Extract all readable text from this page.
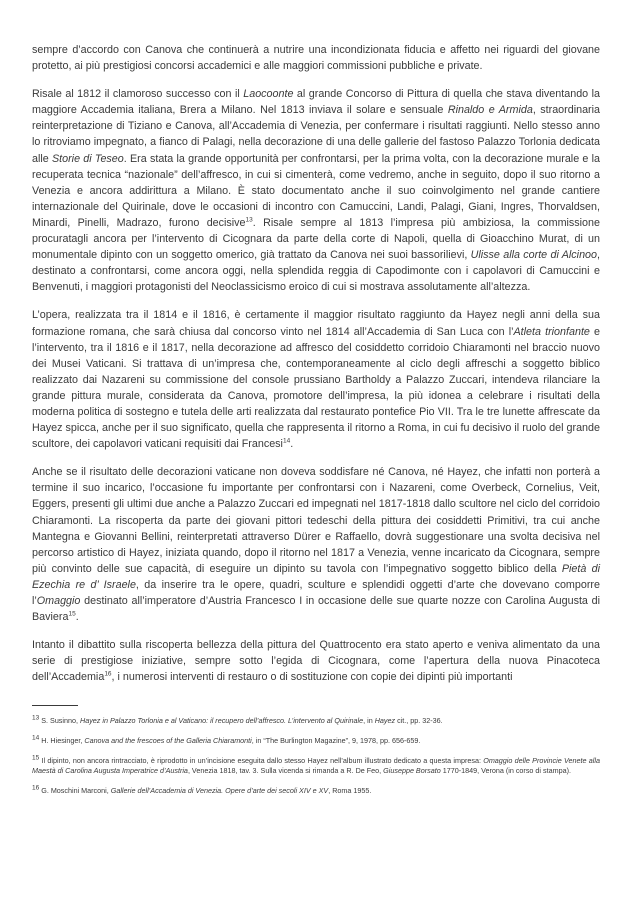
sempre d’accordo con Canova che continuerà a nutrire una incondizionata fiducia e affetto nei riguardi del giovane protetto, ai più prestigiosi concorsi accademici e alle maggiori commissioni pubbliche e private.

Risale al 1812 il clamoroso successo con il Laocoonte al grande Concorso di Pittura di quella che stava diventando la maggiore Accademia italiana, Brera a Milano. Nel 1813 inviava il solare e sensuale Rinaldo e Armida, straordinaria reinterpretazione di Tiziano e Canova, all’Accademia di Venezia, per confermare i risultati raggiunti. Nello stesso anno lo ritroviamo impegnato, a fianco di Palagi, nella decorazione di una delle gallerie del fastoso Palazzo Torlonia dedicata alle Storie di Teseo. Era stata la grande opportunità per confrontarsi, per la prima volta, con la decorazione murale e la recuperata tecnica “nazionale” dell’affresco, in cui si cimenterà, come vedremo, anche in seguito, dopo il suo ritorno a Venezia e ancora addirittura a Milano. È stato documentato anche il suo coinvolgimento nel grande cantiere internazionale del Quirinale, dove le occasioni di incontro con Camuccini, Landi, Palagi, Giani, Ingres, Thorvaldsen, Minardi, Pinelli, Madrazo, furono decisive$^{13}$. Risale sempre al 1813 l’impresa più ambiziosa, la commissione procuratagli ancora per l’intervento di Cicognara da parte della corte di Napoli, quella di Gioacchino Murat, di un monumentale dipinto con un soggetto omerico, già trattato da Canova nei suoi bassorilievi, Ulisse alla corte di Alcinoo, destinato a confrontarsi, come ancora oggi, nella splendida reggia di Capodimonte con i capolavori di Camuccini e Benvenuti, i maggiori protagonisti del Neoclassicismo eroico di cui si mostrava assolutamente all’altezza.

L’opera, realizzata tra il 1814 e il 1816, è certamente il maggior risultato raggiunto da Hayez negli anni della sua formazione romana, che sarà chiusa dal concorso vinto nel 1814 all’Accademia di San Luca con l’Atleta trionfante e l’intervento, tra il 1816 e il 1817, nella decorazione ad affresco del cosiddetto corridoio Chiaramonti nel braccio nuovo dei Musei Vaticani. Si trattava di un’impresa che, contemporaneamente al ciclo degli affreschi a soggetto biblico realizzato dai Nazareni su commissione del console prussiano Bartholdy a Palazzo Zuccari, intendeva rilanciare la grande pittura murale, considerata da Canova, promotore dell’impresa, la più idonea a celebrare i risultati della moderna politica di sostegno e tutela delle arti realizzata dal restaurato pontefice Pio VII. Tra le tre lunette affrescate da Hayez spicca, anche per il suo significato, quella che rappresenta il ritorno a Roma, in cui fu decisivo il ruolo del grande scultore, dei capolavori vaticani requisiti dai Francesi$^{14}$.

Anche se il risultato delle decorazioni vaticane non doveva soddisfare né Canova, né Hayez, che infatti non porterà a termine il suo incarico, l’occasione fu importante per confrontarsi con i Nazareni, come Overbeck, Cornelius, Veit, Eggers, presenti gli ultimi due anche a Palazzo Zuccari ed impegnati nel 1817-1818 dallo scultore nel ciclo del corridoio Chiaramonti. La riscoperta da parte dei giovani pittori tedeschi della pittura dei cosiddetti Primitivi, tra cui anche Mantegna e Giovanni Bellini, reinterpretati attraverso Dürer e Raffaello, dovrà suggestionare una svolta decisiva nel percorso artistico di Hayez, iniziata quando, dopo il ritorno nel 1817 a Venezia, venne incaricato da Cicognara, sempre più convinto delle sue capacità, di eseguire un dipinto su tavola con l’impegnativo soggetto biblico della Pietà di Ezechia re d’ Israele, da inserire tra le opere, quadri, sculture e splendidi oggetti d’arte che dovevano comporre l’Omaggio destinato all’imperatore d’Austria Francesco I in occasione delle sue quarte nozze con Carolina Augusta di Baviera$^{15}$.

Intanto il dibattito sulla riscoperta bellezza della pittura del Quattrocento era stato aperto e veniva alimentato da una serie di prestigiose iniziative, sempre sotto l’egida di Cicognara, come l’apertura della nuova Pinacoteca dell’Accademia$^{16}$, i numerosi interventi di restauro o di sostituzione con copie dei dipinti più importanti

$^{13}$ S. Susinno, Hayez in Palazzo Torlonia e al Vaticano: il recupero dell’affresco. L’intervento al Quirinale, in Hayez cit., pp. 32-36.

$^{14}$ H. Hiesinger, Canova and the frescoes of the Galleria Chiaramonti, in “The Burlington Magazine”, 9, 1978, pp. 656-659.

$^{15}$ Il dipinto, non ancora rintracciato, è riprodotto in un’incisione eseguita dallo stesso Hayez nell’album illustrato dedicato a questa impresa: Omaggio delle Provincie Venete alla Maestà di Carolina Augusta Imperatrice d’Austria, Venezia 1818, tav. 3. Sulla vicenda si rimanda a R. De Feo, Giuseppe Borsato 1770-1849, Verona (in corso di stampa).

$^{16}$ G. Moschini Marconi, Gallerie dell’Accademia di Venezia. Opere d’arte dei secoli XIV e XV, Roma 1955.
